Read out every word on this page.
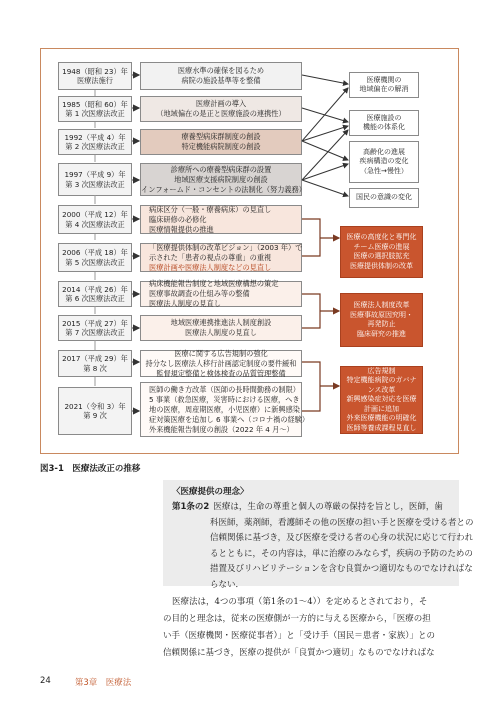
1948（昭和 23）年
医療法施行
医療水準の確保を図るため
病院の施設基準等を整備
1985（昭和 60）年
第 1 次医療法改正
医療計画の導入
（地域偏在の是正と医療施設の連携性）
1992（平成 4）年
第 2 次医療法改正
療養型病床群制度の創設
特定機能病院制度の創設
1997（平成 9）年
第 3 次医療法改正
診療所への療養型病床群の設置
地域医療支援病院制度の創設
インフォームド・コンセントの法制化（努力義務）
2000（平成 12）年
第 4 次医療法改正
病床区分（一般・療養病床）の見直し
臨床研修の必修化
医療情報提供の推進
2006（平成 18）年
第 5 次医療法改正
「医療提供体制の改革ビジョン」（2003 年）で
示された「患者の視点の尊重」の重視
医療計画や医療法人制度などの見直し
2014（平成 26）年
第 6 次医療法改正
病床機能報告制度と地域医療構想の策定
医療事故調査の仕組み等の整備
医療法人制度の見直し
2015（平成 27）年
第 7 次医療法改正
地域医療連携推進法人制度創設
医療法人制度の見直し
2017（平成 29）年
第 8 次
医療に関する広告規制の強化
持分なし医療法人移行計画認定制度の要件緩和
監督規定整備と検体検査の品質管理整備
2021（令和 3）年
第 9 次
医師の働き方改革（医師の長時間勤務の制限）
5 事業（救急医療，災害時における医療，へき
地の医療，周産期医療，小児医療）に新興感染
症対策医療を追加し 6 事業へ（コロナ禍の経験）
外来機能報告制度の創設（2022 年 4 月〜）
医療機関の
地域偏在の解消
医療施設の
機能の体系化
高齢化の進展
疾病構造の変化
（急性→慢性）
国民の意識の変化
医療の高度化と専門化
チーム医療の進展
医療の選択肢拡充
医療提供体制の改革
医療法人制度改革
医療事故原因究明・
再発防止
臨床研究の推進
広告規制
特定機能病院のガバナ
ンス改革
新興感染症対応を医療
計画に追加
外来医療機能の明確化
医師等養成課程見直し
図3-1　医療法改正の推移
〈医療提供の理念〉
第1条の2 医療は，生命の尊重と個人の尊厳の保持を旨とし，医師，歯
科医師，薬剤師，看護師その他の医療の担い手と医療を受ける者との
信頼関係に基づき，及び医療を受ける者の心身の状況に応じて行われ
るとともに，その内容は，単に治療のみならず，疾病の予防のための
措置及びリハビリテーションを含む良質かつ適切なものでなければな
らない．
医療法は，4つの事項（第1条の1〜4））を定めるとされており，そ
の目的と理念は，従来の医療側が一方的に与える医療から，「医療の担
い手（医療機関・医療従事者）」と「受け手（国民＝患者・家族）」との
信頼関係に基づき，医療の提供が「良質かつ適切」なものでなければな
24	第3章　医療法
